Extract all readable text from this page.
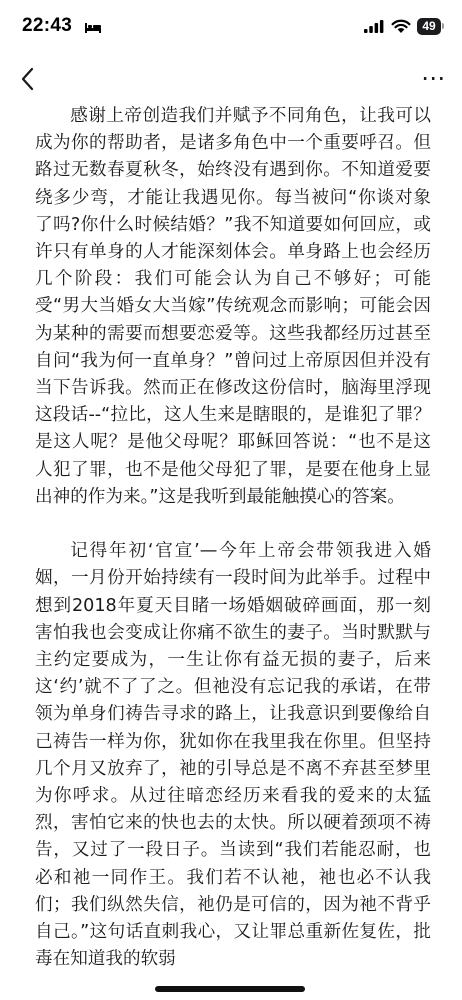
22:43	49
⋯

感谢上帝创造我们并赋予不同角色，让我可以成为你的帮助者，是诸多角色中一个重要呼召。但路过无数春夏秋冬，始终没有遇到你。不知道爱要绕多少弯，才能让我遇见你。每当被问“你谈对象了吗?你什么时候结婚？”我不知道要如何回应，或许只有单身的人才能深刻体会。单身路上也会经历几个阶段：我们可能会认为自己不够好；可能受“男大当婚女大当嫁”传统观念而影响；可能会因为某种的需要而想要恋爱等。这些我都经历过甚至自问“我为何一直单身？”曾问过上帝原因但并没有当下告诉我。然而正在修改这份信时，脑海里浮现这段话--“拉比，这人生来是瞎眼的，是谁犯了罪？是这人呢？是他父母呢？耶稣回答说：“也不是这人犯了罪，也不是他父母犯了罪，是要在他身上显出神的作为来。”这是我听到最能触摸心的答案。

记得年初‘官宣’—今年上帝会带领我进入婚姻，一月份开始持续有一段时间为此举手。过程中想到2018年夏天目睹一场婚姻破碎画面，那一刻害怕我也会变成让你痛不欲生的妻子。当时默默与主约定要成为，一生让你有益无损的妻子，后来这‘约’就不了了之。但祂没有忘记我的承诺，在带领为单身们祷告寻求的路上，让我意识到要像给自己祷告一样为你，犹如你在我里我在你里。但坚持几个月又放弃了，祂的引导总是不离不弃甚至梦里为你呼求。从过往暗恋经历来看我的爱来的太猛烈，害怕它来的快也去的太快。所以硬着颈项不祷告，又过了一段日子。当读到“我们若能忍耐，也必和祂一同作王。我们若不认祂，祂也必不认我们；我们纵然失信，祂仍是可信的，因为祂不背乎自己。”这句话直刺我心，又让罪总重新佐复佐，批毒在知道我的软弱
